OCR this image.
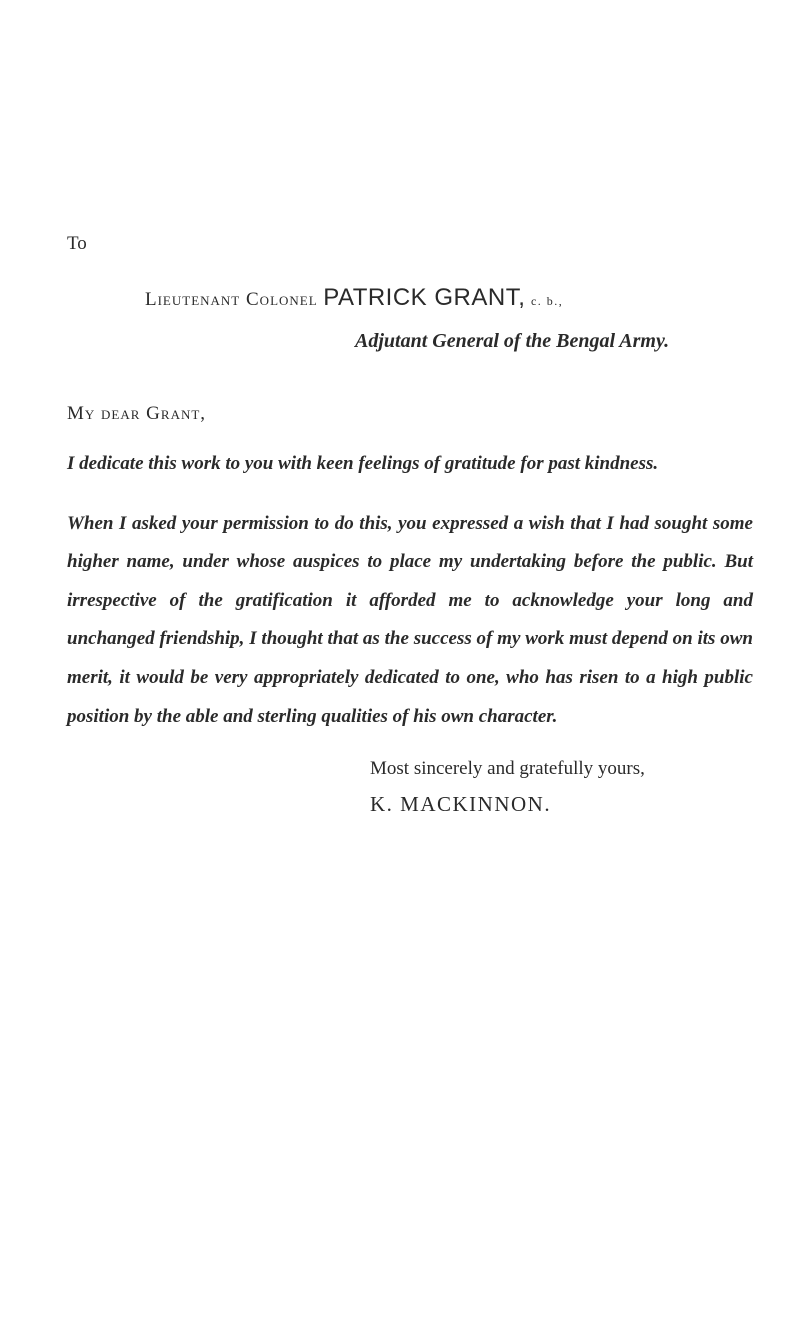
To
Lieutenant Colonel PATRICK GRANT, c. b.,
Adjutant General of the Bengal Army.
My dear Grant,

I dedicate this work to you with keen feelings of gratitude for past kindness.

When I asked your permission to do this, you expressed a wish that I had sought some higher name, under whose auspices to place my undertaking before the public. But irrespective of the gratification it afforded me to acknowledge your long and unchanged friendship, I thought that as the success of my work must depend on its own merit, it would be very appropriately dedicated to one, who has risen to a high public position by the able and sterling qualities of his own character.

Most sincerely and gratefully yours,
K. MACKINNON.
